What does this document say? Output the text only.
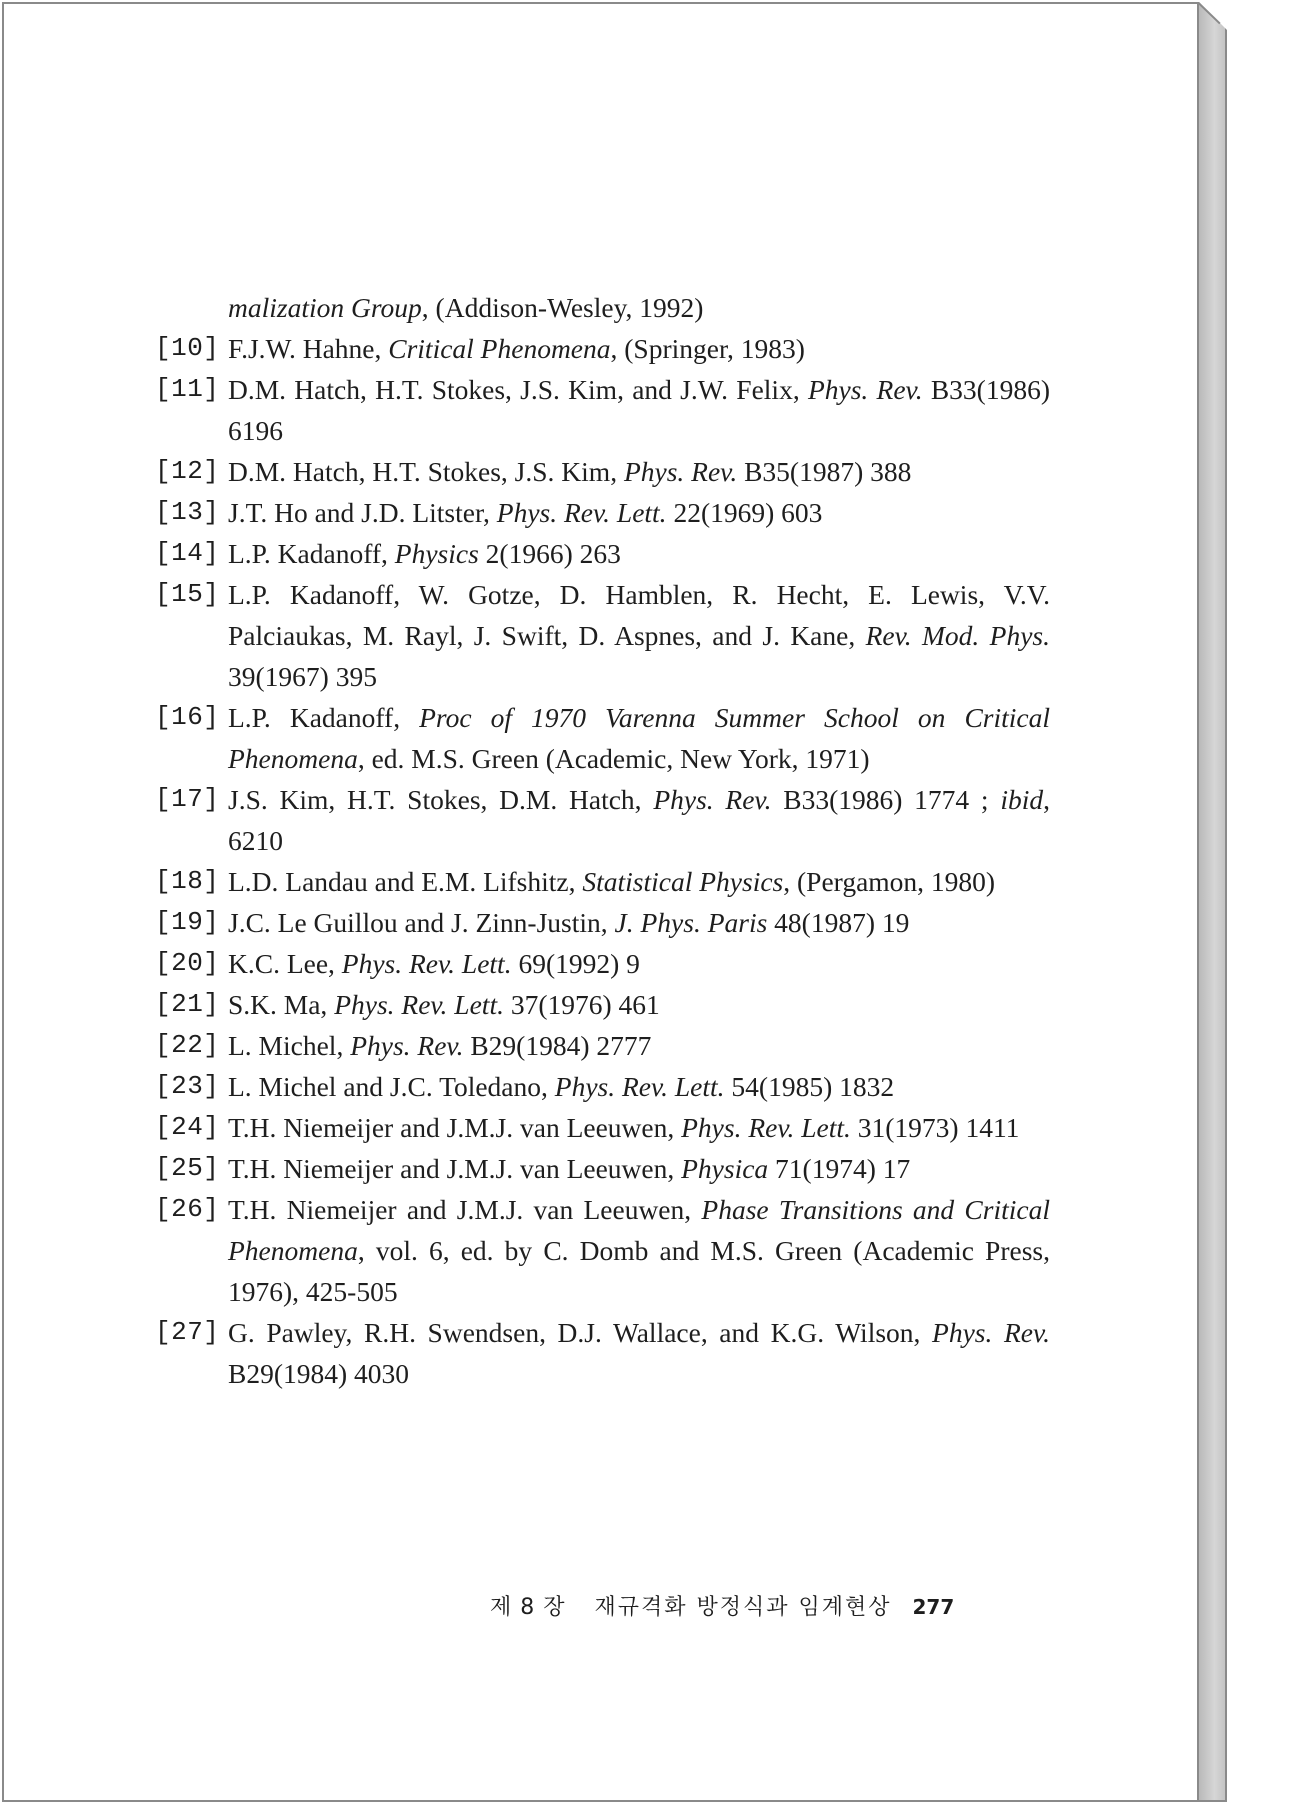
malization Group, (Addison-Wesley, 1992)
[10] F.J.W. Hahne, Critical Phenomena, (Springer, 1983)
[11] D.M. Hatch, H.T. Stokes, J.S. Kim, and J.W. Felix, Phys. Rev. B33(1986) 6196
[12] D.M. Hatch, H.T. Stokes, J.S. Kim, Phys. Rev. B35(1987) 388
[13] J.T. Ho and J.D. Litster, Phys. Rev. Lett. 22(1969) 603
[14] L.P. Kadanoff, Physics 2(1966) 263
[15] L.P. Kadanoff, W. Gotze, D. Hamblen, R. Hecht, E. Lewis, V.V. Palciaukas, M. Rayl, J. Swift, D. Aspnes, and J. Kane, Rev. Mod. Phys. 39(1967) 395
[16] L.P. Kadanoff, Proc of 1970 Varenna Summer School on Critical Phenomena, ed. M.S. Green (Academic, New York, 1971)
[17] J.S. Kim, H.T. Stokes, D.M. Hatch, Phys. Rev. B33(1986) 1774 ; ibid, 6210
[18] L.D. Landau and E.M. Lifshitz, Statistical Physics, (Pergamon, 1980)
[19] J.C. Le Guillou and J. Zinn-Justin, J. Phys. Paris 48(1987) 19
[20] K.C. Lee, Phys. Rev. Lett. 69(1992) 9
[21] S.K. Ma, Phys. Rev. Lett. 37(1976) 461
[22] L. Michel, Phys. Rev. B29(1984) 2777
[23] L. Michel and J.C. Toledano, Phys. Rev. Lett. 54(1985) 1832
[24] T.H. Niemeijer and J.M.J. van Leeuwen, Phys. Rev. Lett. 31(1973) 1411
[25] T.H. Niemeijer and J.M.J. van Leeuwen, Physica 71(1974) 17
[26] T.H. Niemeijer and J.M.J. van Leeuwen, Phase Transitions and Critical Phenomena, vol. 6, ed. by C. Domb and M.S. Green (Academic Press, 1976), 425-505
[27] G. Pawley, R.H. Swendsen, D.J. Wallace, and K.G. Wilson, Phys. Rev. B29(1984) 4030
제 8 장 재규격화 방정식과 임계현상 277
